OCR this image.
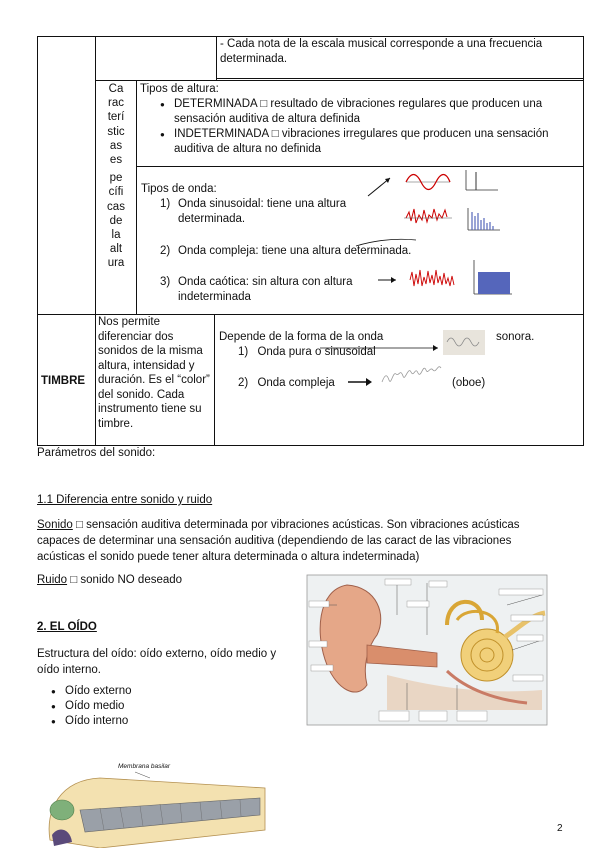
- Cada nota de la escala musical corresponde a una frecuencia determinada.
Ca
rac
terí
stic
as
es
pe
cífi
cas
de
la
alt
ura
Tipos de altura:
● DETERMINADA □ resultado de vibraciones regulares que producen una sensación auditiva de altura definida
● INDETERMINADA □ vibraciones irregulares que producen una sensación auditiva de altura no definida
Tipos de onda:
1) Onda sinusoidal: tiene una altura determinada.
2) Onda compleja: tiene una altura determinada.
3) Onda caótica: sin altura con altura indeterminada
TIMBRE
Nos permite diferenciar dos sonidos de la misma altura, intensidad y duración. Es el “color” del sonido. Cada instrumento tiene su timbre.
Depende de la forma de la onda	sonora.
1) Onda pura o sinusoidal
2) Onda compleja	(oboe)
Parámetros del sonido:
1.1 Diferencia entre sonido y ruido
Sonido □ sensación auditiva determinada por vibraciones acústicas. Son vibraciones acústicas capaces de determinar una sensación auditiva (dependiendo de las caract de las vibraciones acústicas el sonido puede tener altura determinada o altura indeterminada)
Ruido □ sonido NO deseado
2. EL OÍDO
Estructura del oído: oído externo, oído medio y oído interno.
● Oído externo
● Oído medio
● Oído interno
Membrana basilar
2
